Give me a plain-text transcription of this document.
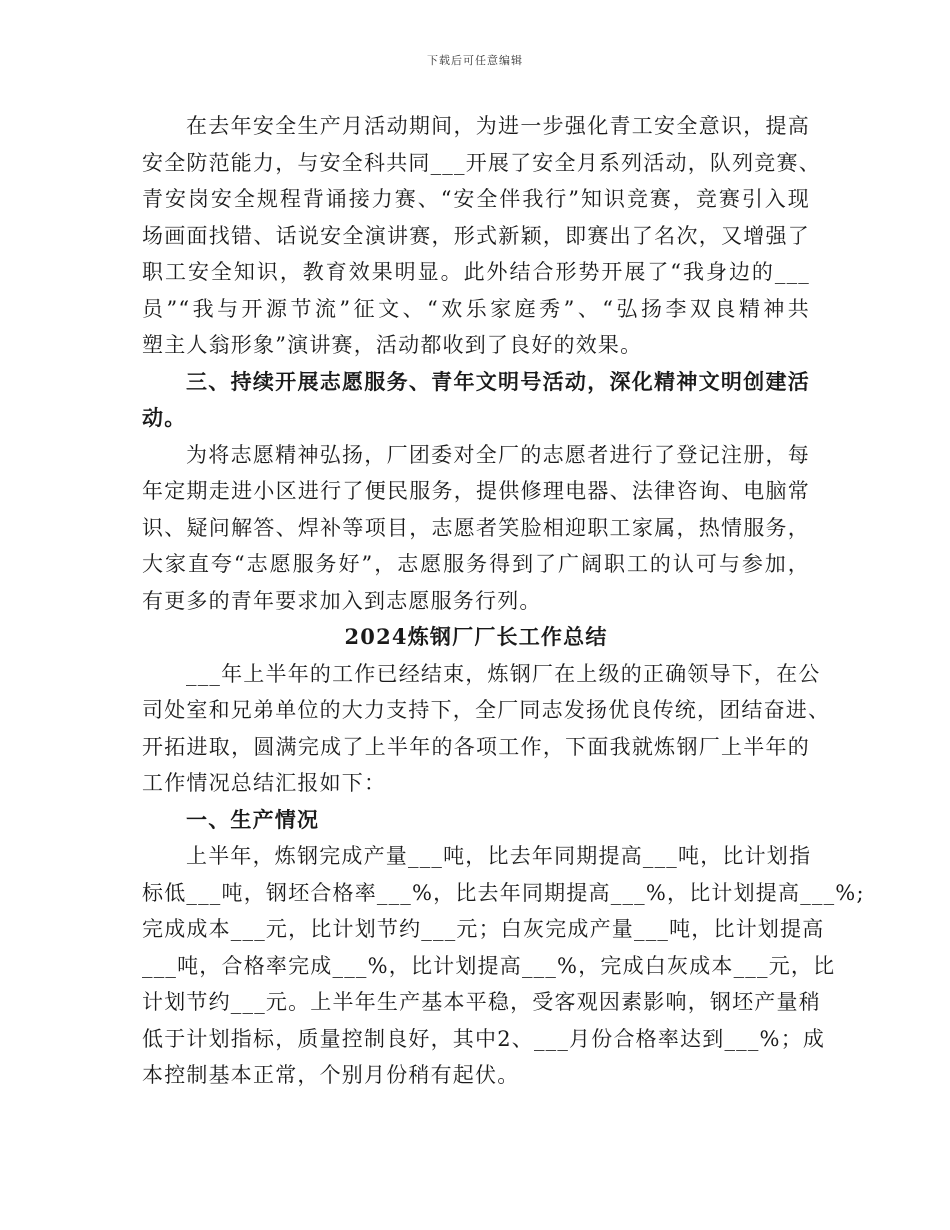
下载后可任意编辑
在去年安全生产月活动期间，为进一步强化青工安全意识，提高
安全防范能力，与安全科共同___开展了安全月系列活动，队列竞赛、
青安岗安全规程背诵接力赛、“安全伴我行”知识竞赛，竞赛引入现
场画面找错、话说安全演讲赛，形式新颖，即赛出了名次，又增强了
职工安全知识，教育效果明显。此外结合形势开展了“我身边的___
员”“我与开源节流”征文、“欢乐家庭秀”、“弘扬李双良精神共
塑主人翁形象”演讲赛，活动都收到了良好的效果。
三、持续开展志愿服务、青年文明号活动，深化精神文明创建活
动。
为将志愿精神弘扬，厂团委对全厂的志愿者进行了登记注册，每
年定期走进小区进行了便民服务，提供修理电器、法律咨询、电脑常
识、疑问解答、焊补等项目，志愿者笑脸相迎职工家属，热情服务，
大家直夸“志愿服务好”，志愿服务得到了广阔职工的认可与参加，
有更多的青年要求加入到志愿服务行列。
2024炼钢厂厂长工作总结
___年上半年的工作已经结束，炼钢厂在上级的正确领导下，在公
司处室和兄弟单位的大力支持下，全厂同志发扬优良传统，团结奋进、
开拓进取，圆满完成了上半年的各项工作，下面我就炼钢厂上半年的
工作情况总结汇报如下：
一、生产情况
上半年，炼钢完成产量___吨，比去年同期提高___吨，比计划指
标低___吨，钢坯合格率___%，比去年同期提高___%，比计划提高___%;
完成成本___元，比计划节约___元；白灰完成产量___吨，比计划提高
___吨，合格率完成___%，比计划提高___%，完成白灰成本___元，比
计划节约___元。上半年生产基本平稳，受客观因素影响，钢坯产量稍
低于计划指标，质量控制良好，其中2、___月份合格率达到___%；成
本控制基本正常，个别月份稍有起伏。
